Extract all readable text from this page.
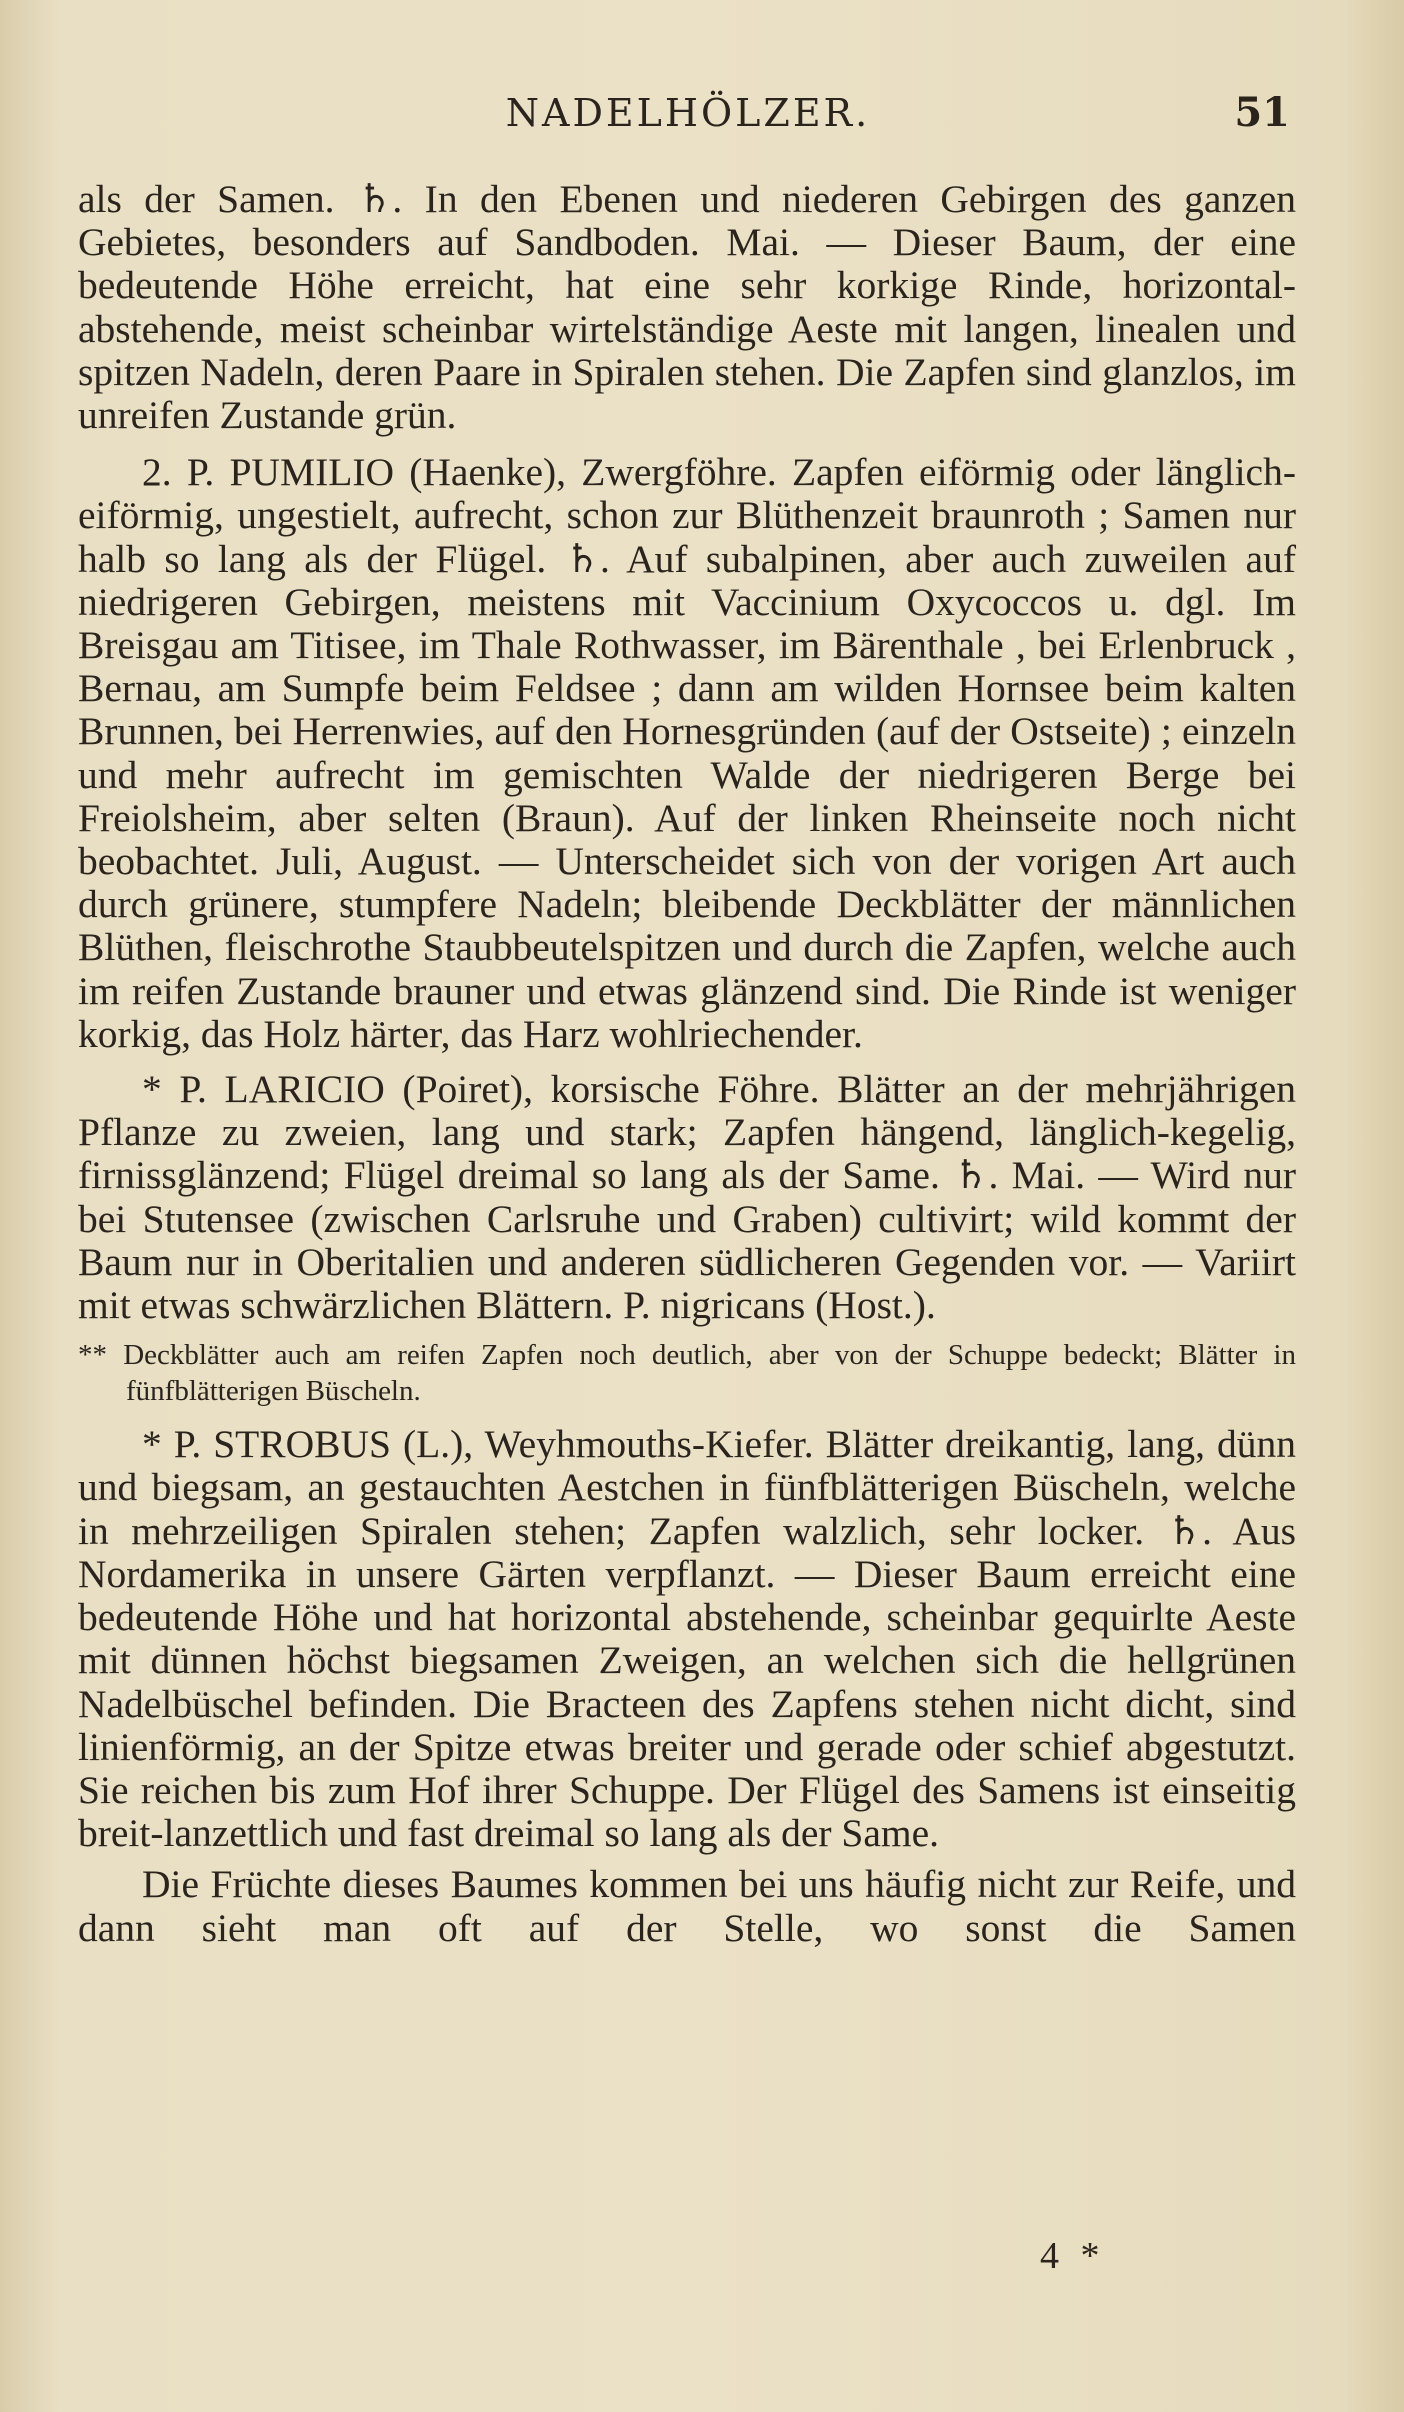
NADELHÖLZER.	51

als der Samen. ♄. In den Ebenen und niederen Gebirgen des ganzen Gebietes, besonders auf Sandboden. Mai. — Dieser Baum, der eine bedeutende Höhe erreicht, hat eine sehr korkige Rinde, horizontal-abstehende, meist scheinbar wirtelständige Aeste mit langen, linealen und spitzen Nadeln, deren Paare in Spiralen stehen. Die Zapfen sind glanzlos, im unreifen Zustande grün.

2. P. PUMILIO (Haenke), Zwergföhre. Zapfen eiförmig oder länglich-eiförmig, ungestielt, aufrecht, schon zur Blüthenzeit braunroth ; Samen nur halb so lang als der Flügel. ♄. Auf subalpinen, aber auch zuweilen auf niedrigeren Gebirgen, meistens mit Vaccinium Oxycoccos u. dgl. Im Breisgau am Titisee, im Thale Rothwasser, im Bärenthale , bei Erlenbruck , Bernau, am Sumpfe beim Feldsee ; dann am wilden Hornsee beim kalten Brunnen, bei Herrenwies, auf den Hornesgründen (auf der Ostseite) ; einzeln und mehr aufrecht im gemischten Walde der niedrigeren Berge bei Freiolsheim, aber selten (Braun). Auf der linken Rheinseite noch nicht beobachtet. Juli, August. — Unterscheidet sich von der vorigen Art auch durch grünere, stumpfere Nadeln; bleibende Deckblätter der männlichen Blüthen, fleischrothe Staubbeutelspitzen und durch die Zapfen, welche auch im reifen Zustande brauner und etwas glänzend sind. Die Rinde ist weniger korkig, das Holz härter, das Harz wohlriechender.

* P. LARICIO (Poiret), korsische Föhre. Blätter an der mehrjährigen Pflanze zu zweien, lang und stark; Zapfen hängend, länglich-kegelig, firnissglänzend; Flügel dreimal so lang als der Same. ♄. Mai. — Wird nur bei Stutensee (zwischen Carlsruhe und Graben) cultivirt; wild kommt der Baum nur in Oberitalien und anderen südlicheren Gegenden vor. — Variirt mit etwas schwärzlichen Blättern. P. nigricans (Host.).

** Deckblätter auch am reifen Zapfen noch deutlich, aber von der Schuppe bedeckt; Blätter in fünfblätterigen Büscheln.

* P. STROBUS (L.), Weyhmouths-Kiefer. Blätter dreikantig, lang, dünn und biegsam, an gestauchten Aestchen in fünfblätterigen Büscheln, welche in mehrzeiligen Spiralen stehen; Zapfen walzlich, sehr locker. ♄. Aus Nordamerika in unsere Gärten verpflanzt. — Dieser Baum erreicht eine bedeutende Höhe und hat horizontal abstehende, scheinbar gequirlte Aeste mit dünnen höchst biegsamen Zweigen, an welchen sich die hellgrünen Nadelbüschel befinden. Die Bracteen des Zapfens stehen nicht dicht, sind linienförmig, an der Spitze etwas breiter und gerade oder schief abgestutzt. Sie reichen bis zum Hof ihrer Schuppe. Der Flügel des Samens ist einseitig breit-lanzettlich und fast dreimal so lang als der Same.

Die Früchte dieses Baumes kommen bei uns häufig nicht zur Reife, und dann sieht man oft auf der Stelle, wo sonst die Samen

4 *
